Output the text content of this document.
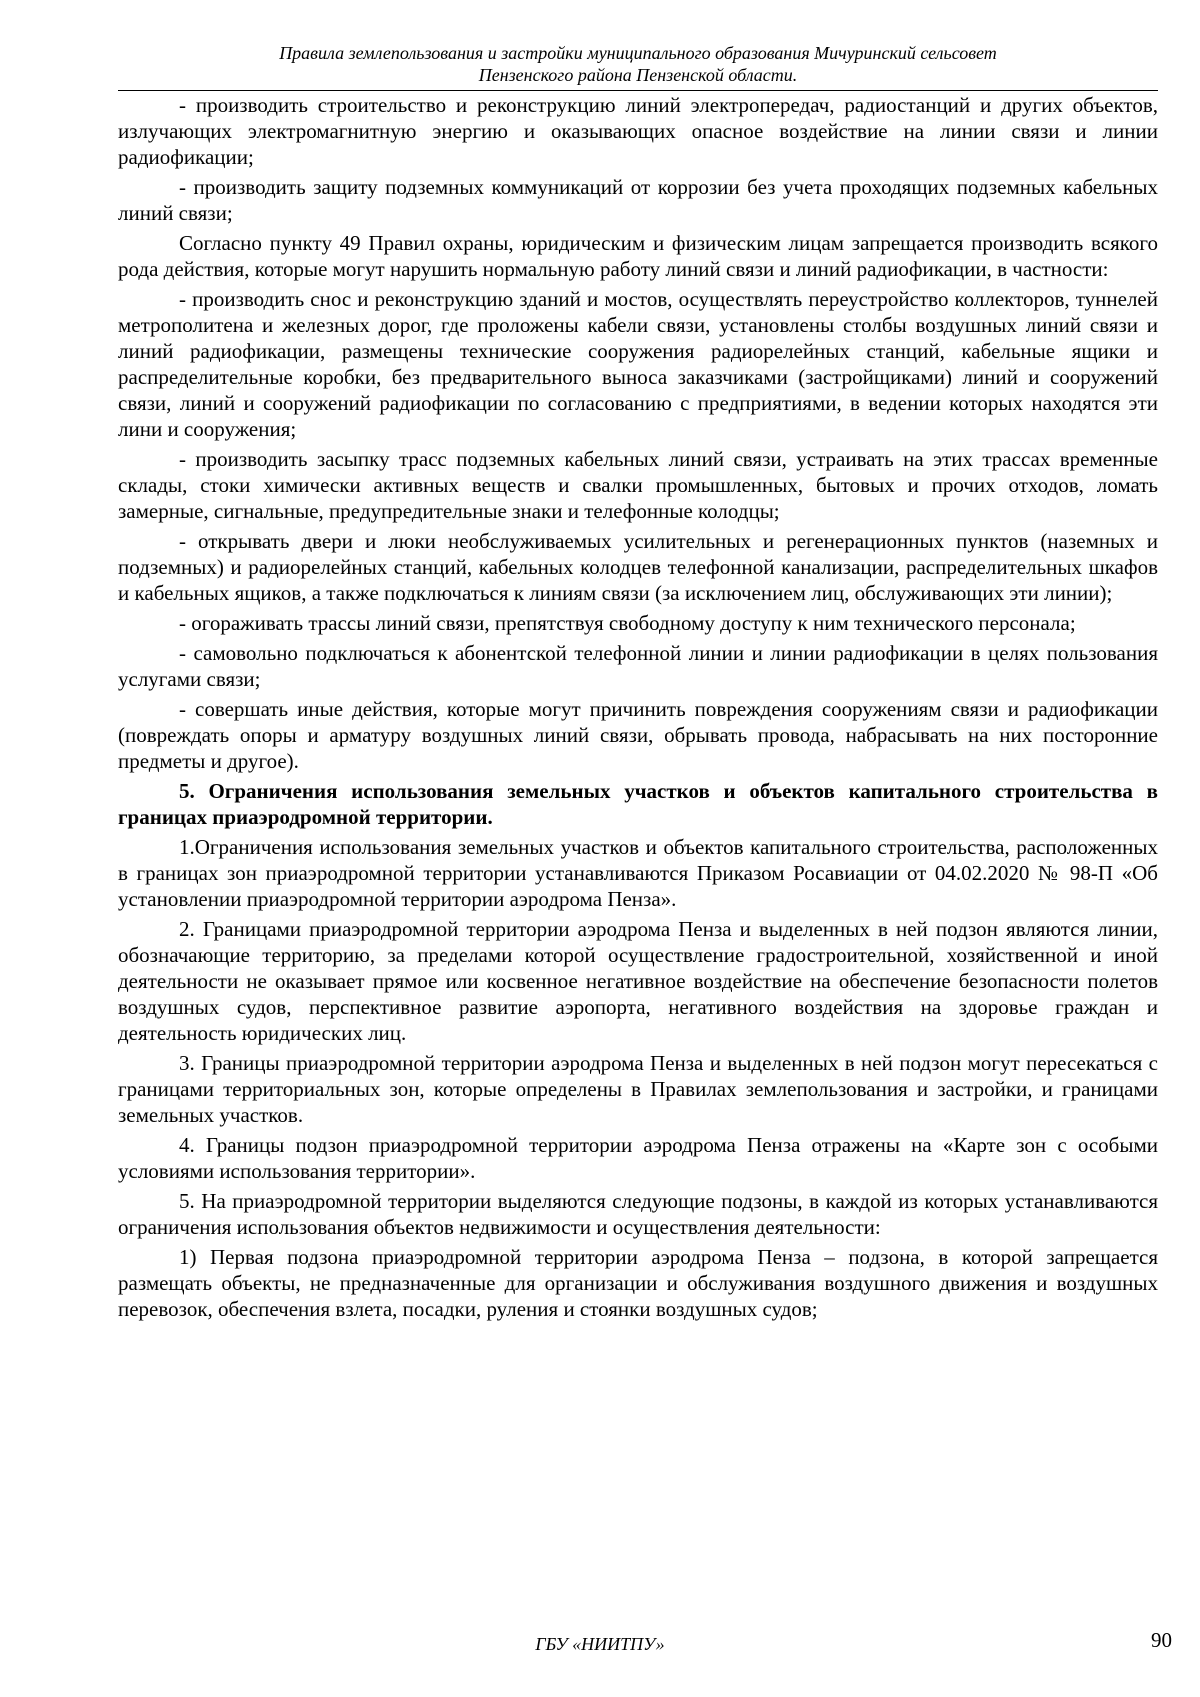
Правила землепользования и застройки муниципального образования Мичуринский сельсовет
Пензенского района Пензенской области.

- производить строительство и реконструкцию линий электропередач, радиостанций и других объектов, излучающих электромагнитную энергию и оказывающих опасное воздействие на линии связи и линии радиофикации;

- производить защиту подземных коммуникаций от коррозии без учета проходящих подземных кабельных линий связи;

Согласно пункту 49 Правил охраны, юридическим и физическим лицам запрещается производить всякого рода действия, которые могут нарушить нормальную работу линий связи и линий радиофикации, в частности:

- производить снос и реконструкцию зданий и мостов, осуществлять переустройство коллекторов, туннелей метрополитена и железных дорог, где проложены кабели связи, установлены столбы воздушных линий связи и линий радиофикации, размещены технические сооружения радиорелейных станций, кабельные ящики и распределительные коробки, без предварительного выноса заказчиками (застройщиками) линий и сооружений связи, линий и сооружений радиофикации по согласованию с предприятиями, в ведении которых находятся эти лини и сооружения;

- производить засыпку трасс подземных кабельных линий связи, устраивать на этих трассах временные склады, стоки химически активных веществ и свалки промышленных, бытовых и прочих отходов, ломать замерные, сигнальные, предупредительные знаки и телефонные колодцы;

- открывать двери и люки необслуживаемых усилительных и регенерационных пунктов (наземных и подземных) и радиорелейных станций, кабельных колодцев телефонной канализации, распределительных шкафов и кабельных ящиков, а также подключаться к линиям связи (за исключением лиц, обслуживающих эти линии);

- огораживать трассы линий связи, препятствуя свободному доступу к ним технического персонала;

- самовольно подключаться к абонентской телефонной линии и линии радиофикации в целях пользования услугами связи;

- совершать иные действия, которые могут причинить повреждения сооружениям связи и радиофикации (повреждать опоры и арматуру воздушных линий связи, обрывать провода, набрасывать на них посторонние предметы и другое).

5. Ограничения использования земельных участков и объектов капитального строительства в границах приаэродромной территории.

1.Ограничения использования земельных участков и объектов капитального строительства, расположенных в границах зон приаэродромной территории устанавливаются Приказом Росавиации от 04.02.2020 № 98-П «Об установлении приаэродромной территории аэродрома Пенза».

2. Границами приаэродромной территории аэродрома Пенза и выделенных в ней подзон являются линии, обозначающие территорию, за пределами которой осуществление градостроительной, хозяйственной и иной деятельности не оказывает прямое или косвенное негативное воздействие на обеспечение безопасности полетов воздушных судов, перспективное развитие аэропорта, негативного воздействия на здоровье граждан и деятельность юридических лиц.

3. Границы приаэродромной территории аэродрома Пенза и выделенных в ней подзон могут пересекаться с границами территориальных зон, которые определены в Правилах землепользования и застройки, и границами земельных участков.

4. Границы подзон приаэродромной территории аэродрома Пенза отражены на «Карте зон с особыми условиями использования территории».

5. На приаэродромной территории выделяются следующие подзоны, в каждой из которых устанавливаются ограничения использования объектов недвижимости и осуществления деятельности:

1) Первая подзона приаэродромной территории аэродрома Пенза – подзона, в которой запрещается размещать объекты, не предназначенные для организации и обслуживания воздушного движения и воздушных перевозок, обеспечения взлета, посадки, руления и стоянки воздушных судов;

ГБУ «НИИТПУ»	90
